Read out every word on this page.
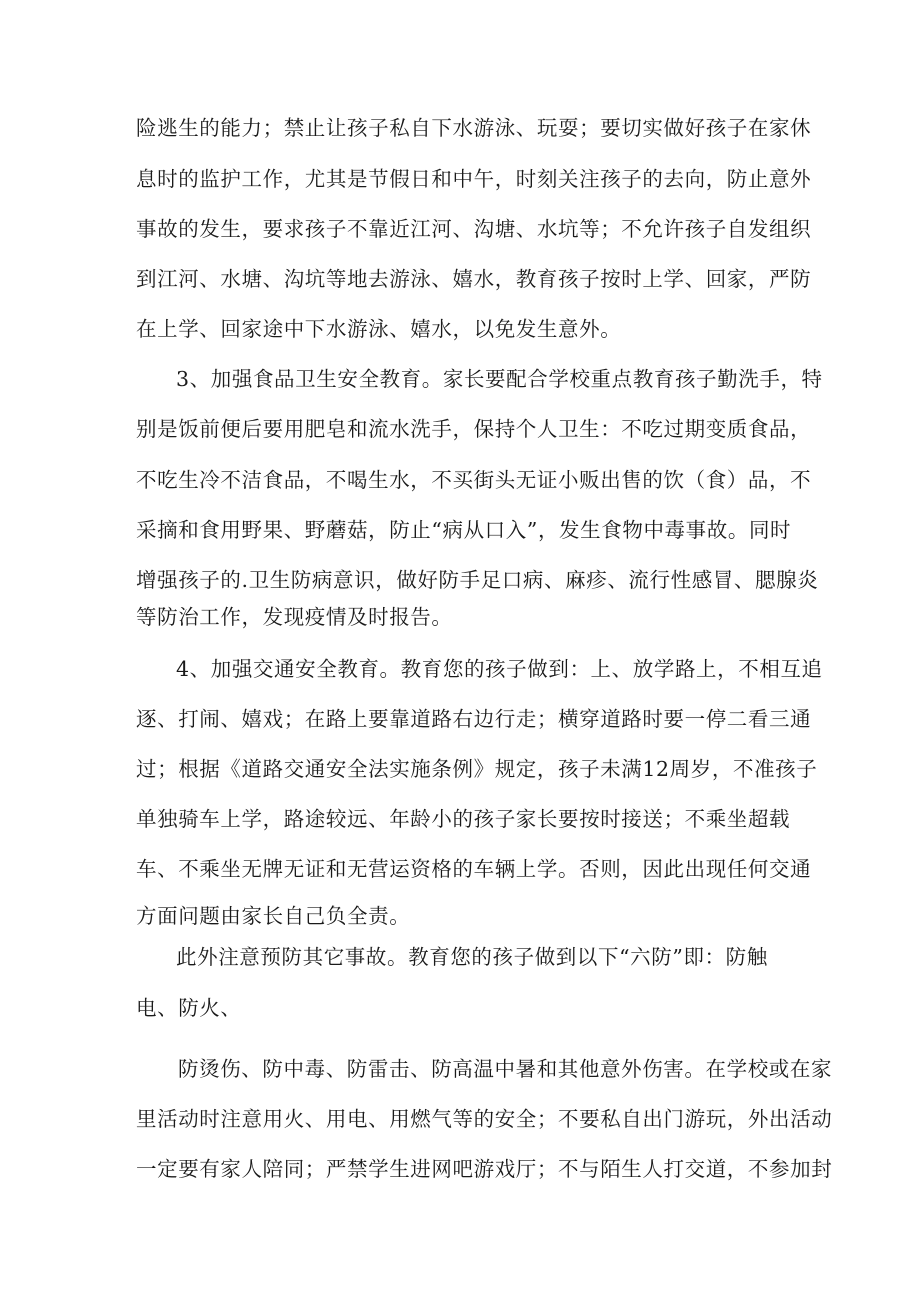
险逃生的能力；禁止让孩子私自下水游泳、玩耍；要切实做好孩子在家休
息时的监护工作，尤其是节假日和中午，时刻关注孩子的去向，防止意外
事故的发生，要求孩子不靠近江河、沟塘、水坑等；不允许孩子自发组织
到江河、水塘、沟坑等地去游泳、嬉水，教育孩子按时上学、回家，严防
在上学、回家途中下水游泳、嬉水，以免发生意外。
3、加强食品卫生安全教育。家长要配合学校重点教育孩子勤洗手，特
别是饭前便后要用肥皂和流水洗手，保持个人卫生：不吃过期变质食品，
不吃生冷不洁食品，不喝生水，不买街头无证小贩出售的饮（食）品，不
采摘和食用野果、野蘑菇，防止“病从口入”，发生食物中毒事故。同时
增强孩子的.卫生防病意识，做好防手足口病、麻疹、流行性感冒、腮腺炎
等防治工作，发现疫情及时报告。
4、加强交通安全教育。教育您的孩子做到：上、放学路上，不相互追
逐、打闹、嬉戏；在路上要靠道路右边行走；横穿道路时要一停二看三通
过；根据《道路交通安全法实施条例》规定，孩子未满12周岁，不准孩子
单独骑车上学，路途较远、年龄小的孩子家长要按时接送；不乘坐超载
车、不乘坐无牌无证和无营运资格的车辆上学。否则，因此出现任何交通
方面问题由家长自己负全责。
此外注意预防其它事故。教育您的孩子做到以下“六防”即：防触
电、防火、
防烫伤、防中毒、防雷击、防高温中暑和其他意外伤害。在学校或在家
里活动时注意用火、用电、用燃气等的安全；不要私自出门游玩，外出活动
一定要有家人陪同；严禁学生进网吧游戏厅；不与陌生人打交道，不参加封
